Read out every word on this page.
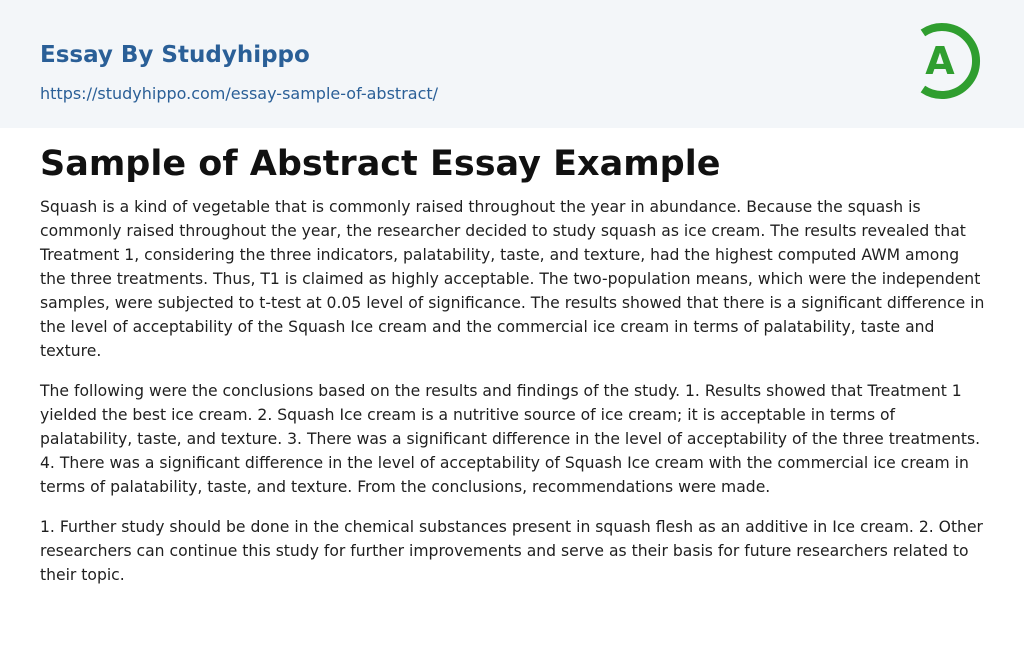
Essay By Studyhippo
https://studyhippo.com/essay-sample-of-abstract/
A
Sample of Abstract Essay Example

Squash is a kind of vegetable that is commonly raised throughout the year in abundance. Because the squash is commonly raised throughout the year, the researcher decided to study squash as ice cream. The results revealed that Treatment 1, considering the three indicators, palatability, taste, and texture, had the highest computed AWM among the three treatments. Thus, T1 is claimed as highly acceptable. The two-population means, which were the independent samples, were subjected to t-test at 0.05 level of significance. The results showed that there is a significant difference in the level of acceptability of the Squash Ice cream and the commercial ice cream in terms of palatability, taste and texture.

The following were the conclusions based on the results and findings of the study. 1. Results showed that Treatment 1 yielded the best ice cream. 2. Squash Ice cream is a nutritive source of ice cream; it is acceptable in terms of palatability, taste, and texture. 3. There was a significant difference in the level of acceptability of the three treatments. 4. There was a significant difference in the level of acceptability of Squash Ice cream with the commercial ice cream in terms of palatability, taste, and texture. From the conclusions, recommendations were made.

1. Further study should be done in the chemical substances present in squash flesh as an additive in Ice cream. 2. Other researchers can continue this study for further improvements and serve as their basis for future researchers related to their topic.
